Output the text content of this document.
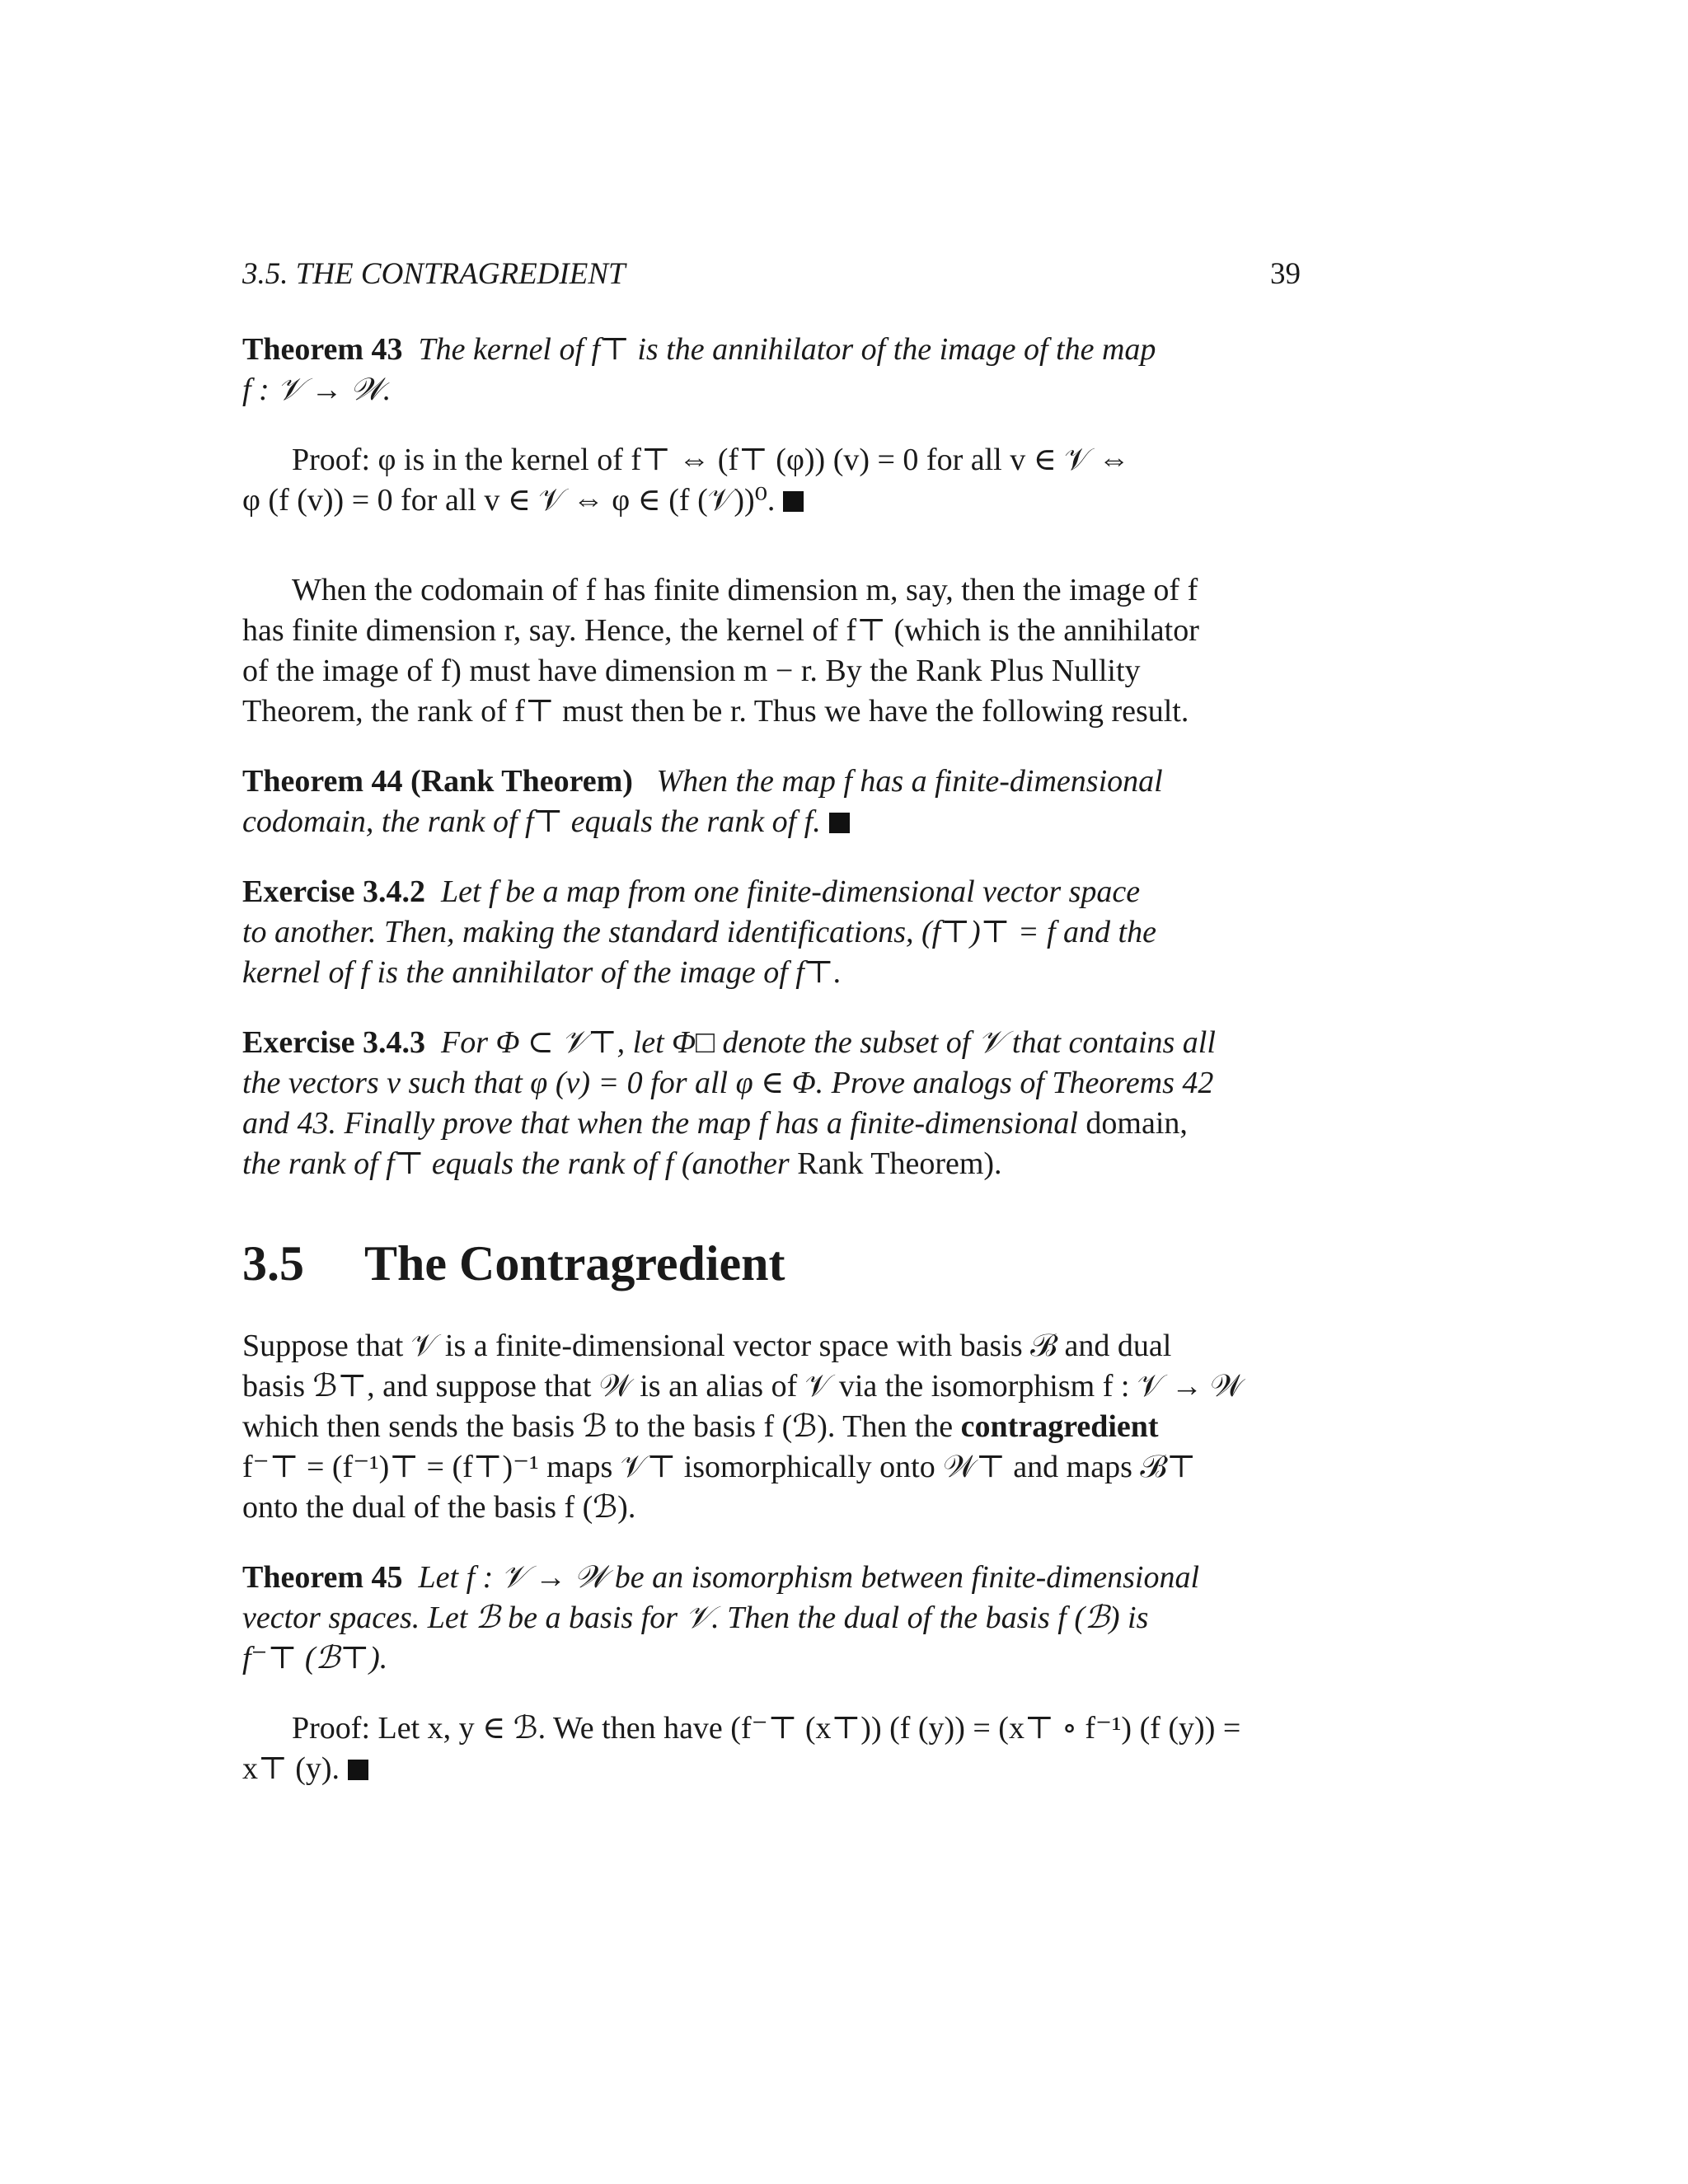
3.5. THE CONTRAGREDIENT	39
Theorem 43 The kernel of f⊤ is the annihilator of the image of the map
f : 𝒱 → 𝒲.
Proof: φ is in the kernel of f⊤ ⇔ (f⊤ (φ)) (v) = 0 for all v ∈ 𝒱 ⇔
φ (f (v)) = 0 for all v ∈ 𝒱 ⇔ φ ∈ (f (𝒱))⁰.
When the codomain of f has finite dimension m, say, then the image of f
has finite dimension r, say. Hence, the kernel of f⊤ (which is the annihilator
of the image of f) must have dimension m − r. By the Rank Plus Nullity
Theorem, the rank of f⊤ must then be r. Thus we have the following result.
Theorem 44 (Rank Theorem) When the map f has a finite-dimensional
codomain, the rank of f⊤ equals the rank of f.
Exercise 3.4.2 Let f be a map from one finite-dimensional vector space
to another. Then, making the standard identifications, (f⊤)⊤ = f and the
kernel of f is the annihilator of the image of f⊤.
Exercise 3.4.3 For Φ ⊂ 𝒱⊤, let Φ□ denote the subset of 𝒱 that contains all
the vectors v such that φ (v) = 0 for all φ ∈ Φ. Prove analogs of Theorems 42
and 43. Finally prove that when the map f has a finite-dimensional domain,
the rank of f⊤ equals the rank of f (another Rank Theorem).
3.5 The Contragredient
Suppose that 𝒱 is a finite-dimensional vector space with basis ℬ and dual
basis ℬ⊤, and suppose that 𝒲 is an alias of 𝒱 via the isomorphism f : 𝒱 → 𝒲
which then sends the basis ℬ to the basis f (ℬ). Then the contragredient
f⁻⊤ = (f⁻¹)⊤ = (f⊤)⁻¹ maps 𝒱⊤ isomorphically onto 𝒲⊤ and maps ℬ⊤
onto the dual of the basis f (ℬ).
Theorem 45 Let f : 𝒱 → 𝒲 be an isomorphism between finite-dimensional
vector spaces. Let ℬ be a basis for 𝒱. Then the dual of the basis f (ℬ) is
f⁻⊤ (ℬ⊤).
Proof: Let x, y ∈ ℬ. We then have (f⁻⊤ (x⊤)) (f (y)) = (x⊤ ∘ f⁻¹) (f (y)) =
x⊤ (y).
